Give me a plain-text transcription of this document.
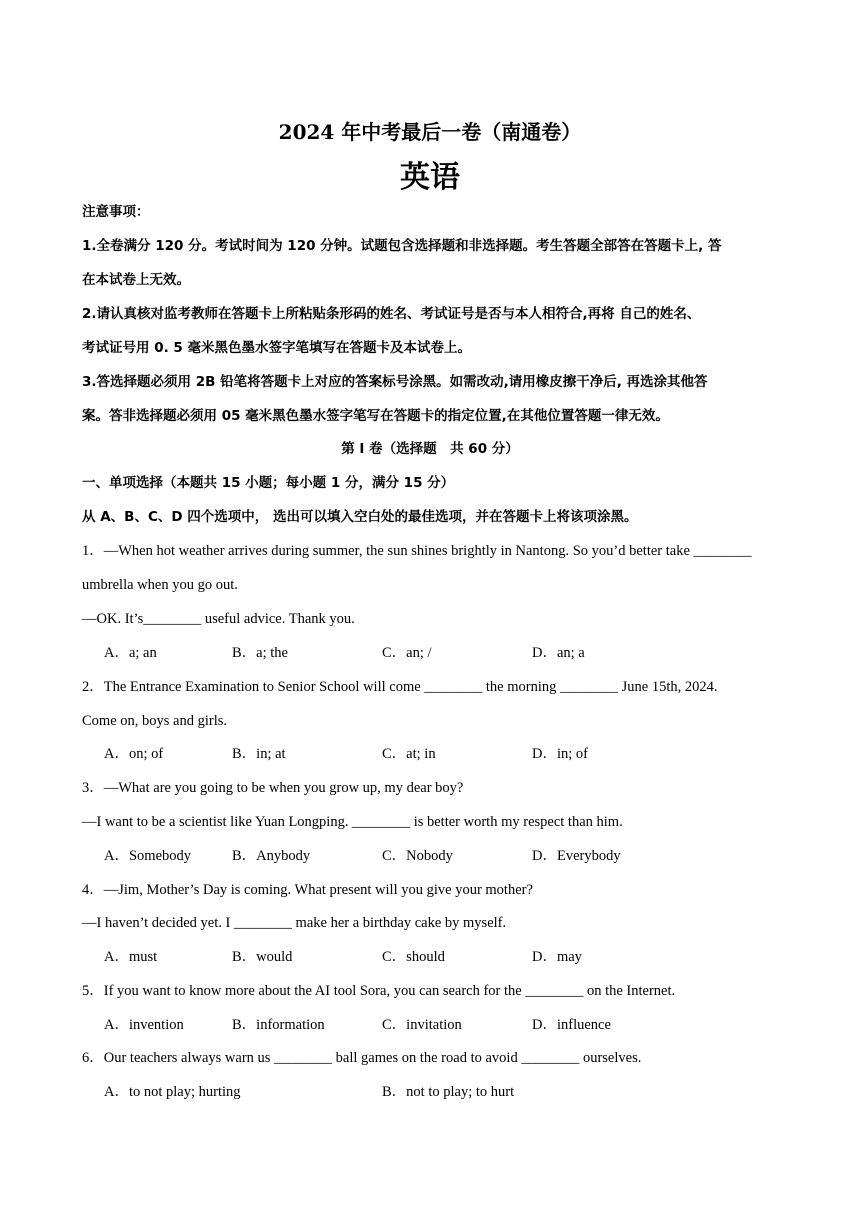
2024 年中考最后一卷（南通卷）
英语
注意事项：
1.全卷满分 120 分。考试时间为 120 分钟。试题包含选择题和非选择题。考生答题全部答在答题卡上, 答
在本试卷上无效。
2.请认真核对监考教师在答题卡上所粘贴条形码的姓名、考试证号是否与本人相符合,再将 自己的姓名、
考试证号用 0. 5 毫米黑色墨水签字笔填写在答题卡及本试卷上。
3.答选择题必须用 2B 铅笔将答题卡上对应的答案标号涂黑。如需改动,请用橡皮擦干净后, 再选涂其他答
案。答非选择题必须用 05 毫米黑色墨水签字笔写在答题卡的指定位置,在其他位置答题一律无效。
第 I 卷（选择题　共 60 分）
一、单项选择（本题共 15 小题；每小题 1 分，满分 15 分）
从 A、B、C、D 四个选项中， 选出可以填入空白处的最佳选项，并在答题卡上将该项涂黑。
1．—When hot weather arrives during summer, the sun shines brightly in Nantong. So you’d better take ________
umbrella when you go out.
—OK. It’s________ useful advice. Thank you.
A．a; an	B．a; the	C．an; /	D．an; a
2．The Entrance Examination to Senior School will come ________ the morning ________ June 15th, 2024.
Come on, boys and girls.
A．on; of	B．in; at	C．at; in	D．in; of
3．—What are you going to be when you grow up, my dear boy?
—I want to be a scientist like Yuan Longping. ________ is better worth my respect than him.
A．Somebody	B．Anybody	C．Nobody	D．Everybody
4．—Jim, Mother’s Day is coming. What present will you give your mother?
—I haven’t decided yet. I ________ make her a birthday cake by myself.
A．must	B．would	C．should	D．may
5．If you want to know more about the AI tool Sora, you can search for the ________ on the Internet.
A．invention	B．information	C．invitation	D．influence
6．Our teachers always warn us ________ ball games on the road to avoid ________ ourselves.
A．to not play; hurting	B．not to play; to hurt
